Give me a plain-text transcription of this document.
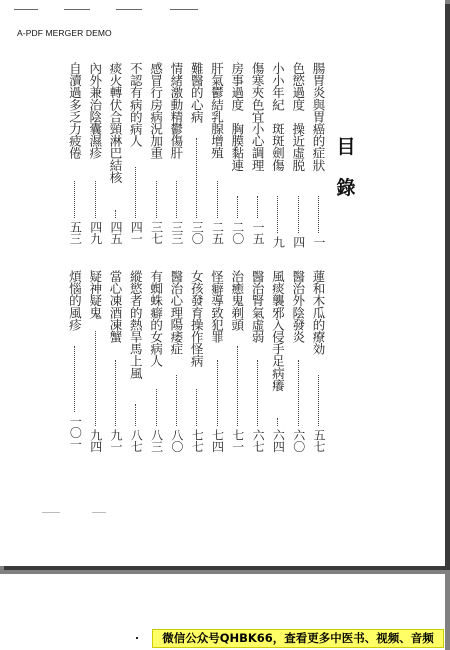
A-PDF MERGER DEMO
目
錄
腸胃炎與胃癌的症狀
一
色慾過度　操近虛脱
四
小小年紀　斑斑劍傷
九
傷寒夾色宜小心調理
一五
房事過度　胸膜黏連
二〇
肝氣鬱結乳腺增殖
二五
難醫的心病
三〇
情緒激動精鬱傷肝
三三
感冒行房病況加重
三七
不認有病的病人
四一
痰火轉伏合頸淋巴結核
四五
內外兼治陰囊濕疹
四九
自瀆過多乏力疲倦
五三
蓮和木瓜的療効
五七
醫治外陰發炎
六〇
風痰襲邪入侵手足病癢
六四
醫治腎氣虛弱
六七
治癒鬼剃頭
七一
怪癖導致犯罪
七四
女孩發育操作怪病
七七
醫治心理陽痿症
八〇
有蜘蛛癖的女病人
八三
縱慾者的熱旱馬上風
八七
當心凍酒凍蟹
九一
疑神疑鬼
九四
煩惱的風疹
一〇一
微信公众号QHBK66，查看更多中医书、视频、音频
